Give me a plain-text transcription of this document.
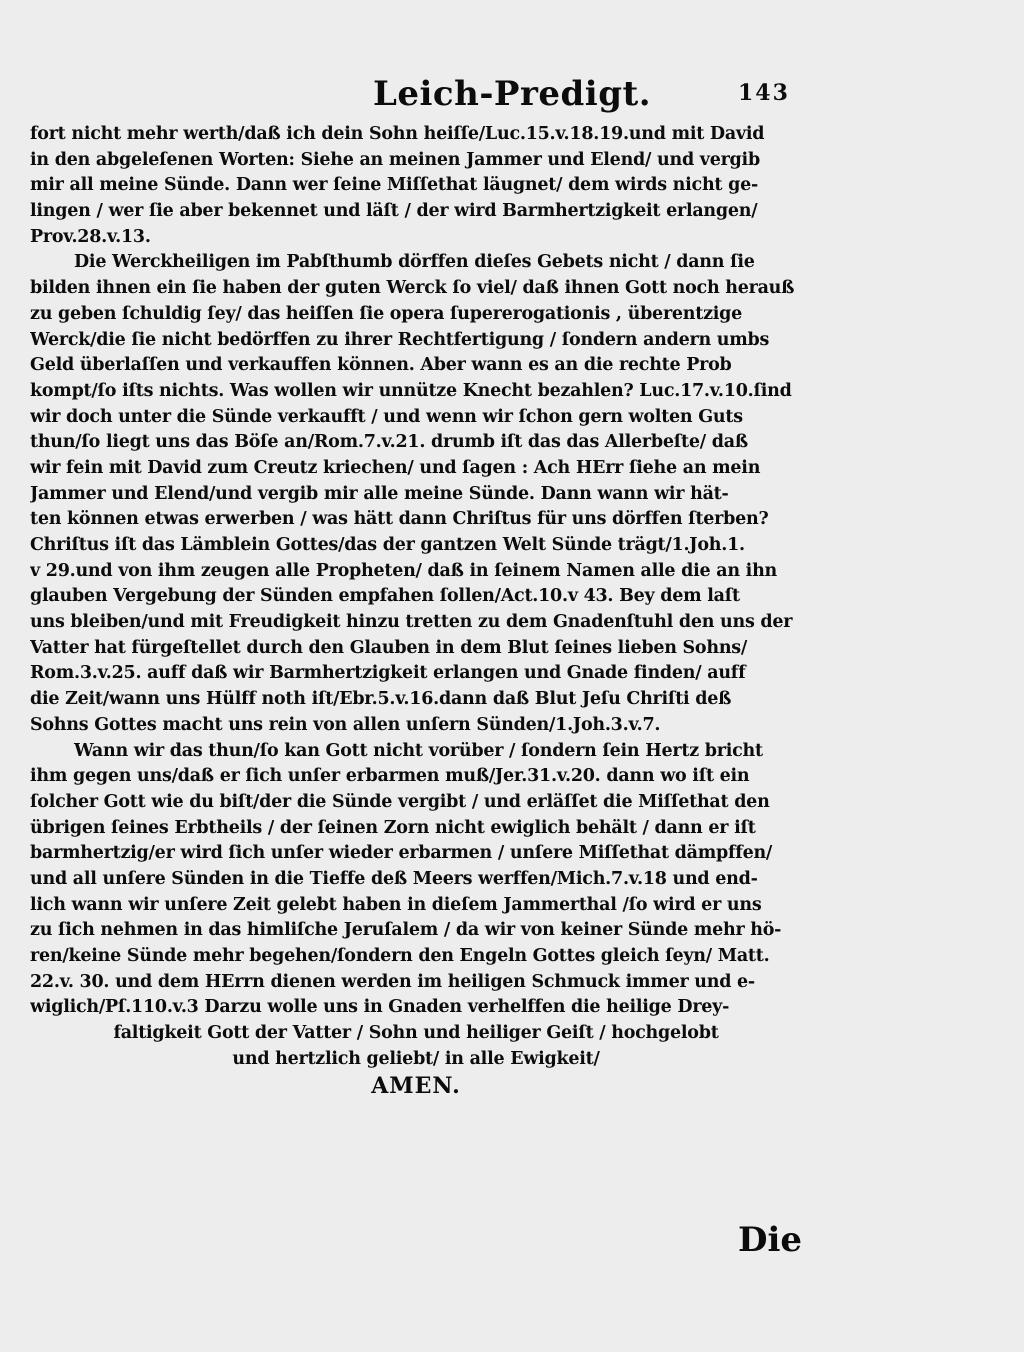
Leich-Predigt.	143
fort nicht mehr werth/daß ich dein Sohn heiſſe/Luc.15.v.18.19.und mit David
in den abgeleſenen Worten: Siehe an meinen Jammer und Elend/ und vergib
mir all meine Sünde. Dann wer ſeine Miſſethat läugnet/ dem wirds nicht ge-
lingen / wer ſie aber bekennet und läſt / der wird Barmhertzigkeit erlangen/
Prov.28.v.13.
Die Werckheiligen im Pabſthumb dörffen dieſes Gebets nicht / dann ſie
bilden ihnen ein ſie haben der guten Werck ſo viel/ daß ihnen Gott noch herauß
zu geben ſchuldig ſey/ das heiſſen ſie opera ſupererogationis , überentzige
Werck/die ſie nicht bedörffen zu ihrer Rechtfertigung / ſondern andern umbs
Geld überlaſſen und verkauffen können. Aber wann es an die rechte Prob
kompt/ſo iſts nichts. Was wollen wir unnütze Knecht bezahlen? Luc.17.v.10.ſind
wir doch unter die Sünde verkaufft / und wenn wir ſchon gern wolten Guts
thun/ſo liegt uns das Böſe an/Rom.7.v.21. drumb iſt das das Allerbeſte/ daß
wir fein mit David zum Creutz kriechen/ und ſagen : Ach HErr ſiehe an mein
Jammer und Elend/und vergib mir alle meine Sünde. Dann wann wir hät-
ten können etwas erwerben / was hätt dann Chriſtus für uns dörffen ſterben?
Chriſtus iſt das Lämblein Gottes/das der gantzen Welt Sünde trägt/1.Joh.1.
v 29.und von ihm zeugen alle Propheten/ daß in ſeinem Namen alle die an ihn
glauben Vergebung der Sünden empfahen ſollen/Act.10.v 43. Bey dem laſt
uns bleiben/und mit Freudigkeit hinzu tretten zu dem Gnadenſtuhl den uns der
Vatter hat fürgeſtellet durch den Glauben in dem Blut ſeines lieben Sohns/
Rom.3.v.25. auff daß wir Barmhertzigkeit erlangen und Gnade finden/ auff
die Zeit/wann uns Hülff noth iſt/Ebr.5.v.16.dann daß Blut Jeſu Chriſti deß
Sohns Gottes macht uns rein von allen unſern Sünden/1.Joh.3.v.7.
Wann wir das thun/ſo kan Gott nicht vorüber / ſondern ſein Hertz bricht
ihm gegen uns/daß er ſich unſer erbarmen muß/Jer.31.v.20. dann wo iſt ein
ſolcher Gott wie du biſt/der die Sünde vergibt / und erläſſet die Miſſethat den
übrigen ſeines Erbtheils / der ſeinen Zorn nicht ewiglich behält / dann er iſt
barmhertzig/er wird ſich unſer wieder erbarmen / unſere Miſſethat dämpffen/
und all unſere Sünden in die Tieffe deß Meers werffen/Mich.7.v.18 und end-
lich wann wir unſere Zeit gelebt haben in dieſem Jammerthal /ſo wird er uns
zu ſich nehmen in das himliſche Jeruſalem / da wir von keiner Sünde mehr hö-
ren/keine Sünde mehr begehen/ſondern den Engeln Gottes gleich ſeyn/ Matt.
22.v. 30. und dem HErrn dienen werden im heiligen Schmuck immer und e-
wiglich/Pſ.110.v.3 Darzu wolle uns in Gnaden verhelffen die heilige Drey-
faltigkeit Gott der Vatter / Sohn und heiliger Geiſt / hochgelobt
und hertzlich geliebt/ in alle Ewigkeit/
AMEN.
Die
